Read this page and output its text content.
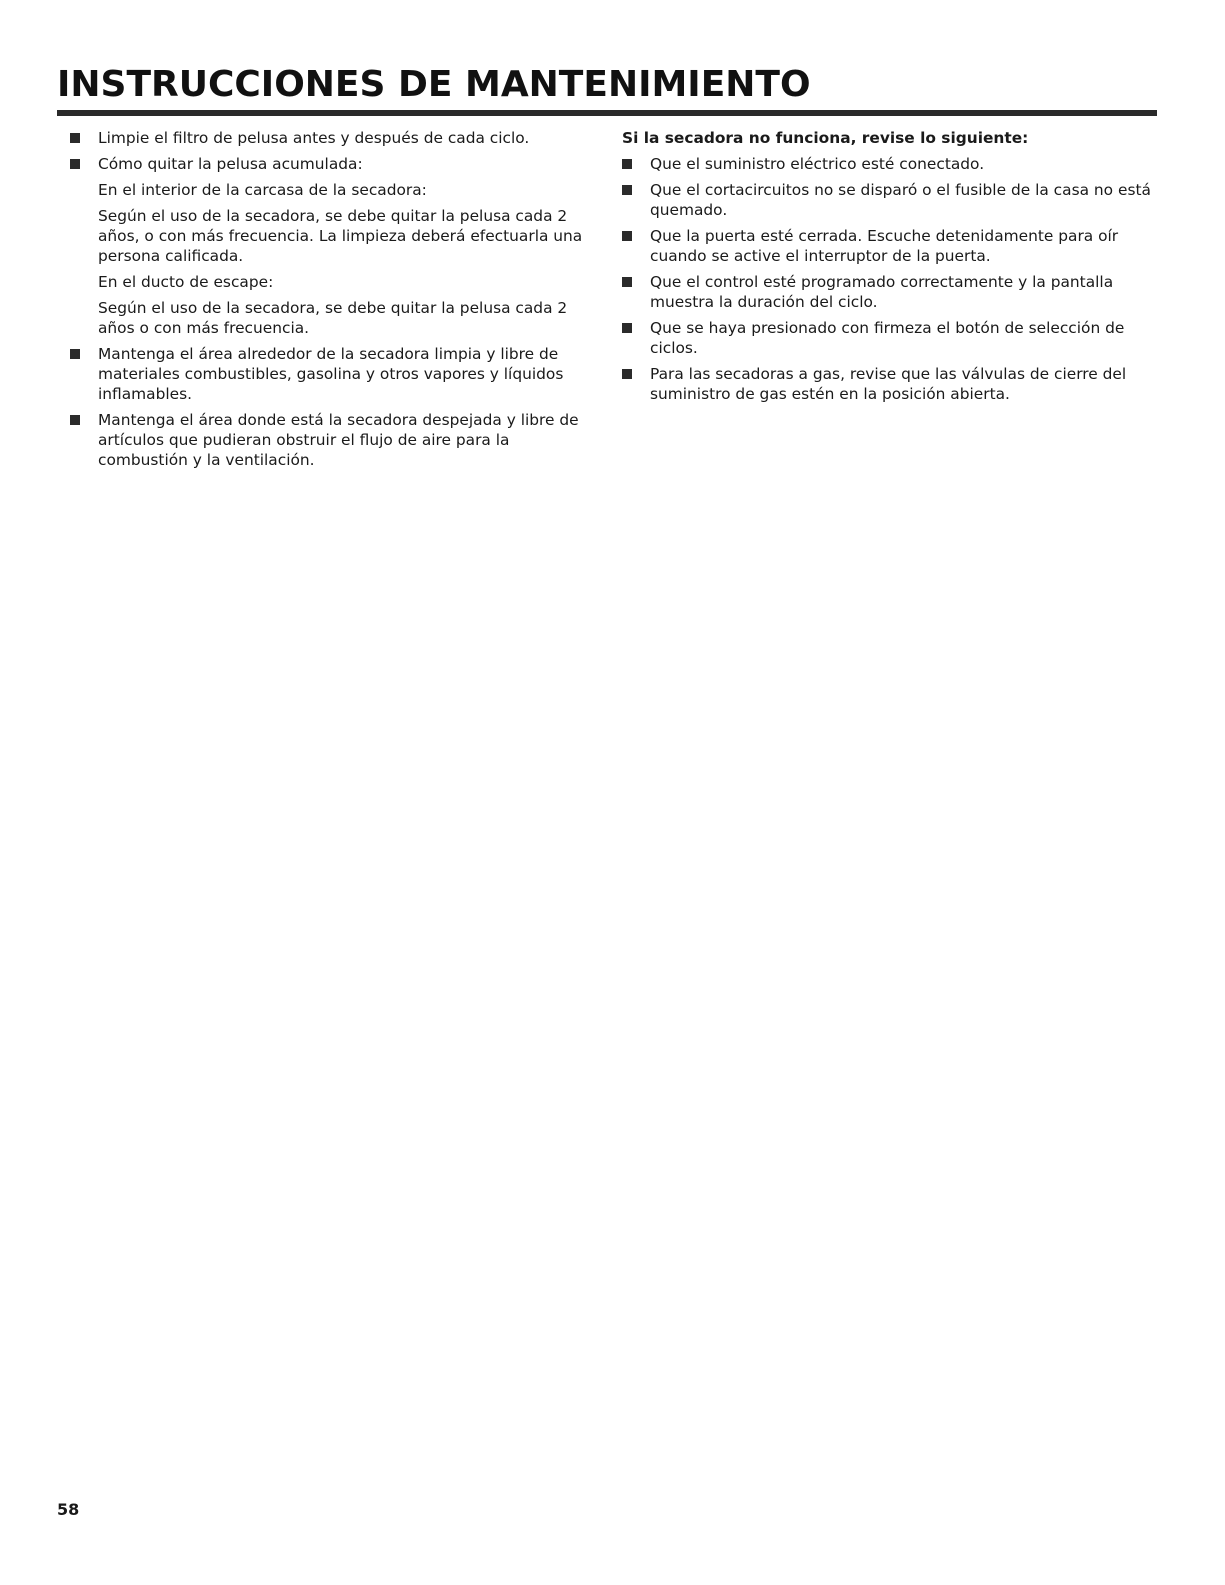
INSTRUCCIONES DE MANTENIMIENTO
Limpie el filtro de pelusa antes y después de cada ciclo.
Cómo quitar la pelusa acumulada:
En el interior de la carcasa de la secadora:
Según el uso de la secadora, se debe quitar la pelusa cada 2 años, o con más frecuencia. La limpieza deberá efectuarla una persona calificada.
En el ducto de escape:
Según el uso de la secadora, se debe quitar la pelusa cada 2 años o con más frecuencia.
Mantenga el área alrededor de la secadora limpia y libre de materiales combustibles, gasolina y otros vapores y líquidos inflamables.
Mantenga el área donde está la secadora despejada y libre de artículos que pudieran obstruir el flujo de aire para la combustión y la ventilación.
Si la secadora no funciona, revise lo siguiente:
Que el suministro eléctrico esté conectado.
Que el cortacircuitos no se disparó o el fusible de la casa no está quemado.
Que la puerta esté cerrada. Escuche detenidamente para oír cuando se active el interruptor de la puerta.
Que el control esté programado correctamente y la pantalla muestra la duración del ciclo.
Que se haya presionado con firmeza el botón de selección de ciclos.
Para las secadoras a gas, revise que las válvulas de cierre del suministro de gas estén en la posición abierta.
58
